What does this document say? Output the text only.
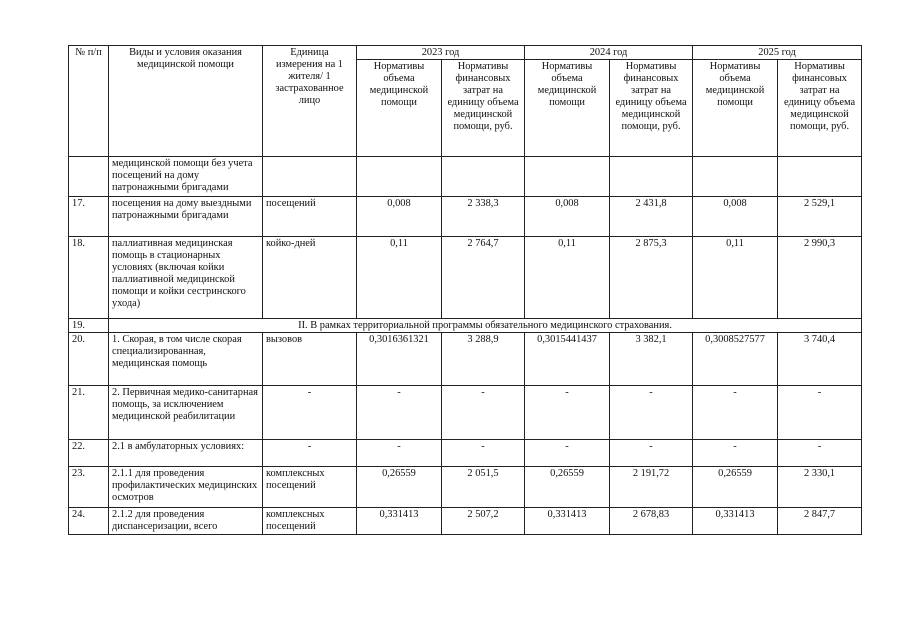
№ п/п	Виды и условия оказания медицинской помощи	Единица измерения на 1 жителя/ 1 застрахованное лицо	2023 год		2024 год		2025 год	
			Нормативы объема медицинской помощи	Нормативы финансовых затрат на единицу объема медицинской помощи, руб.	Нормативы объема медицинской помощи	Нормативы финансовых затрат на единицу объема медицинской помощи, руб.	Нормативы объема медицинской помощи	Нормативы финансовых затрат на единицу объема медицинской помощи, руб.
	медицинской помощи без учета посещений на дому патронажными бригадами							
17.	посещения на дому выездными патронажными бригадами	посещений	0,008	2 338,3	0,008	2 431,8	0,008	2 529,1
18.	паллиативная медицинская помощь в стационарных условиях (включая койки паллиативной медицинской помощи и койки сестринского ухода)	койко-дней	0,11	2 764,7	0,11	2 875,3	0,11	2 990,3
19.	II. В рамках территориальной программы обязательного медицинского страхования.							
20.	1. Скорая, в том числе скорая специализированная, медицинская помощь	вызовов	0,3016361321	3 288,9	0,3015441437	3 382,1	0,3008527577	3 740,4
21.	2. Первичная медико-санитарная помощь, за исключением медицинской реабилитации	-	-	-	-	-	-	-
22.	2.1 в амбулаторных условиях:	-	-	-	-	-	-	-
23.	2.1.1 для проведения профилактических медицинских осмотров	комплексных посещений	0,26559	2 051,5	0,26559	2 191,72	0,26559	2 330,1
24.	2.1.2 для проведения диспансеризации, всего	комплексных посещений	0,331413	2 507,2	0,331413	2 678,83	0,331413	2 847,7
